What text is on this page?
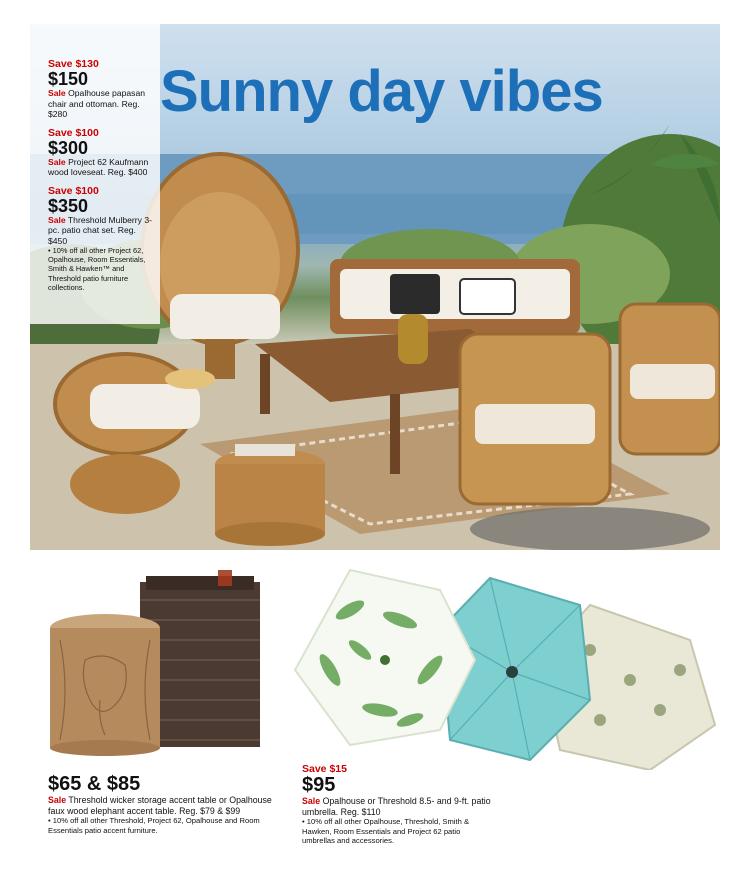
Sunny day vibes
Save $130
$150
Sale Opalhouse papasan chair and ottoman. Reg. $280
Save $100
$300
Sale Project 62 Kaufmann wood loveseat. Reg. $400
Save $100
$350
Sale Threshold Mulberry 3-pc. patio chat set. Reg. $450
• 10% off all other Project 62, Opalhouse, Room Essentials, Smith & Hawken™ and Threshold patio furniture collections.
$65 & $85
Sale Threshold wicker storage accent table or Opalhouse faux wood elephant accent table. Reg. $79 & $99
• 10% off all other Threshold, Project 62, Opalhouse and Room Essentials patio accent furniture.
Save $15
$95
Sale Opalhouse or Threshold 8.5- and 9-ft. patio umbrella. Reg. $110
• 10% off all other Opalhouse, Threshold, Smith & Hawken, Room Essentials and Project 62 patio umbrellas and accessories.
